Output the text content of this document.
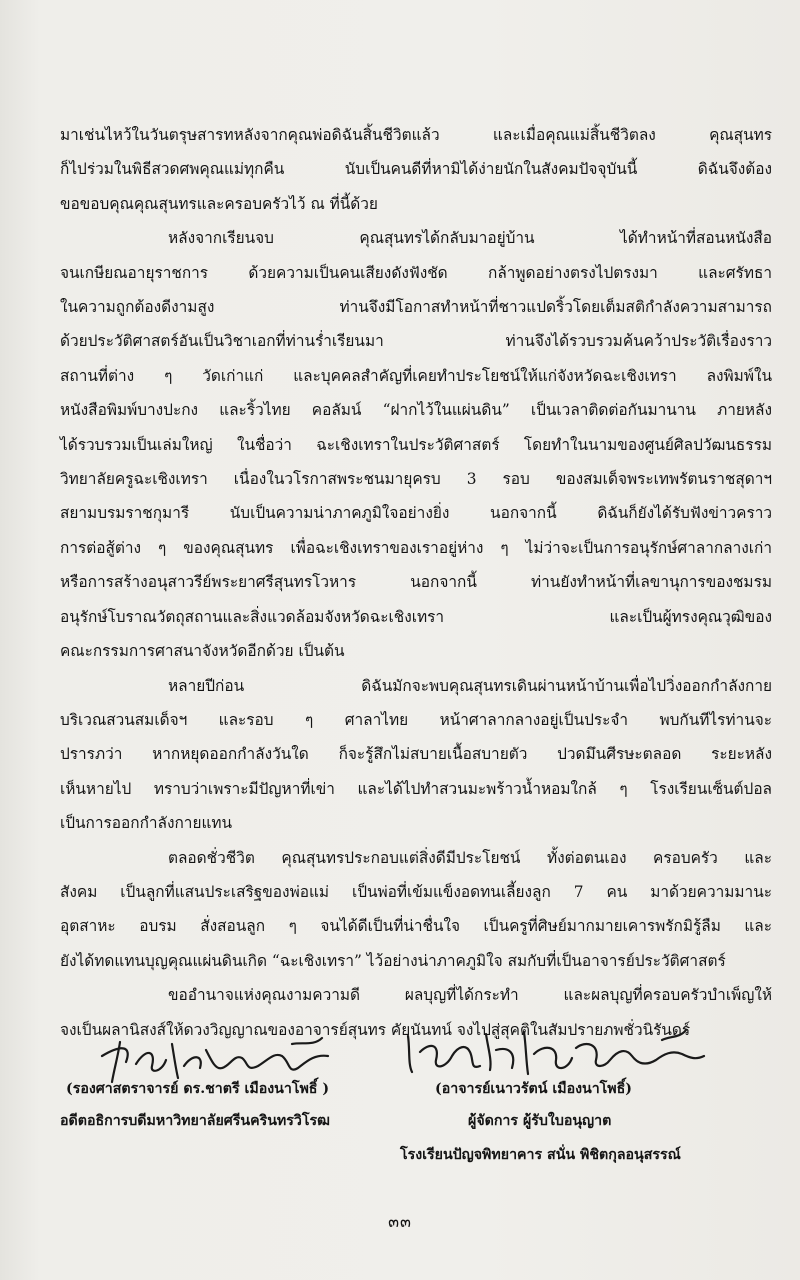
มาเช่นไหว้ในวันตรุษสารทหลังจากคุณพ่อดิฉันสิ้นชีวิตแล้ว และเมื่อคุณแม่สิ้นชีวิตลง คุณสุนทร
ก็ไปร่วมในพิธีสวดศพคุณแม่ทุกคืน นับเป็นคนดีที่หามิได้ง่ายนักในสังคมปัจจุบันนี้ ดิฉันจึงต้อง
ขอขอบคุณคุณสุนทรและครอบครัวไว้ ณ ที่นี้ด้วย
หลังจากเรียนจบ คุณสุนทรได้กลับมาอยู่บ้าน ได้ทำหน้าที่สอนหนังสือ
จนเกษียณอายุราชการ ด้วยความเป็นคนเสียงดังฟังชัด กล้าพูดอย่างตรงไปตรงมา และศรัทธา
ในความถูกต้องดีงามสูง ท่านจึงมีโอกาสทำหน้าที่ชาวแปดริ้วโดยเต็มสติกำลังความสามารถ
ด้วยประวัติศาสตร์อันเป็นวิชาเอกที่ท่านร่ำเรียนมา ท่านจึงได้รวบรวมค้นคว้าประวัติเรื่องราว
สถานที่ต่าง ๆ วัดเก่าแก่ และบุคคลสำคัญที่เคยทำประโยชน์ให้แก่จังหวัดฉะเชิงเทรา ลงพิมพ์ใน
หนังสือพิมพ์บางปะกง และริ้วไทย คอลัมน์ “ฝากไว้ในแผ่นดิน” เป็นเวลาติดต่อกันมานาน ภายหลัง
ได้รวบรวมเป็นเล่มใหญ่ ในชื่อว่า ฉะเชิงเทราในประวัติศาสตร์ โดยทำในนามของศูนย์ศิลปวัฒนธรรม
วิทยาลัยครูฉะเชิงเทรา เนื่องในวโรกาสพระชนมายุครบ 3 รอบ ของสมเด็จพระเทพรัตนราชสุดาฯ
สยามบรมราชกุมารี นับเป็นความน่าภาคภูมิใจอย่างยิ่ง นอกจากนี้ ดิฉันก็ยังได้รับฟังข่าวคราว
การต่อสู้ต่าง ๆ ของคุณสุนทร เพื่อฉะเชิงเทราของเราอยู่ห่าง ๆ ไม่ว่าจะเป็นการอนุรักษ์ศาลากลางเก่า
หรือการสร้างอนุสาวรีย์พระยาศรีสุนทรโวหาร นอกจากนี้ ท่านยังทำหน้าที่เลขานุการของชมรม
อนุรักษ์โบราณวัตถุสถานและสิ่งแวดล้อมจังหวัดฉะเชิงเทรา และเป็นผู้ทรงคุณวุฒิของ
คณะกรรมการศาสนาจังหวัดอีกด้วย เป็นต้น
หลายปีก่อน ดิฉันมักจะพบคุณสุนทรเดินผ่านหน้าบ้านเพื่อไปวิ่งออกกำลังกาย
บริเวณสวนสมเด็จฯ และรอบ ๆ ศาลาไทย หน้าศาลากลางอยู่เป็นประจำ พบกันทีไรท่านจะ
ปรารภว่า หากหยุดออกกำลังวันใด ก็จะรู้สึกไม่สบายเนื้อสบายตัว ปวดมึนศีรษะตลอด ระยะหลัง
เห็นหายไป ทราบว่าเพราะมีปัญหาที่เข่า และได้ไปทำสวนมะพร้าวน้ำหอมใกล้ ๆ โรงเรียนเซ็นต์ปอล
เป็นการออกกำลังกายแทน
ตลอดชั่วชีวิต คุณสุนทรประกอบแต่สิ่งดีมีประโยชน์ ทั้งต่อตนเอง ครอบครัว และ
สังคม เป็นลูกที่แสนประเสริฐของพ่อแม่ เป็นพ่อที่เข้มแข็งอดทนเลี้ยงลูก 7 คน มาด้วยความมานะ
อุตสาหะ อบรม สั่งสอนลูก ๆ จนได้ดีเป็นที่น่าชื่นใจ เป็นครูที่ศิษย์มากมายเคารพรักมิรู้ลืม และ
ยังได้ทดแทนบุญคุณแผ่นดินเกิด “ฉะเชิงเทรา” ไว้อย่างน่าภาคภูมิใจ สมกับที่เป็นอาจารย์ประวัติศาสตร์
ขออำนาจแห่งคุณงามความดี ผลบุญที่ได้กระทำ และผลบุญที่ครอบครัวบำเพ็ญให้
จงเป็นผลานิสงส์ให้ดวงวิญญาณของอาจารย์สุนทร คัยนันทน์ จงไปสู่สุคติในสัมปรายภพชั่วนิรันดร์
(รองศาสตราจารย์ ดร.ชาตรี เมืองนาโพธิ์ )
อดีตอธิการบดีมหาวิทยาลัยศรีนครินทรวิโรฒ
(อาจารย์เนาวรัตน์ เมืองนาโพธิ์)
ผู้จัดการ ผู้รับใบอนุญาต
โรงเรียนปัญจพิทยาคาร สนั่น พิชิตกุลอนุสรรณ์
๓๓
